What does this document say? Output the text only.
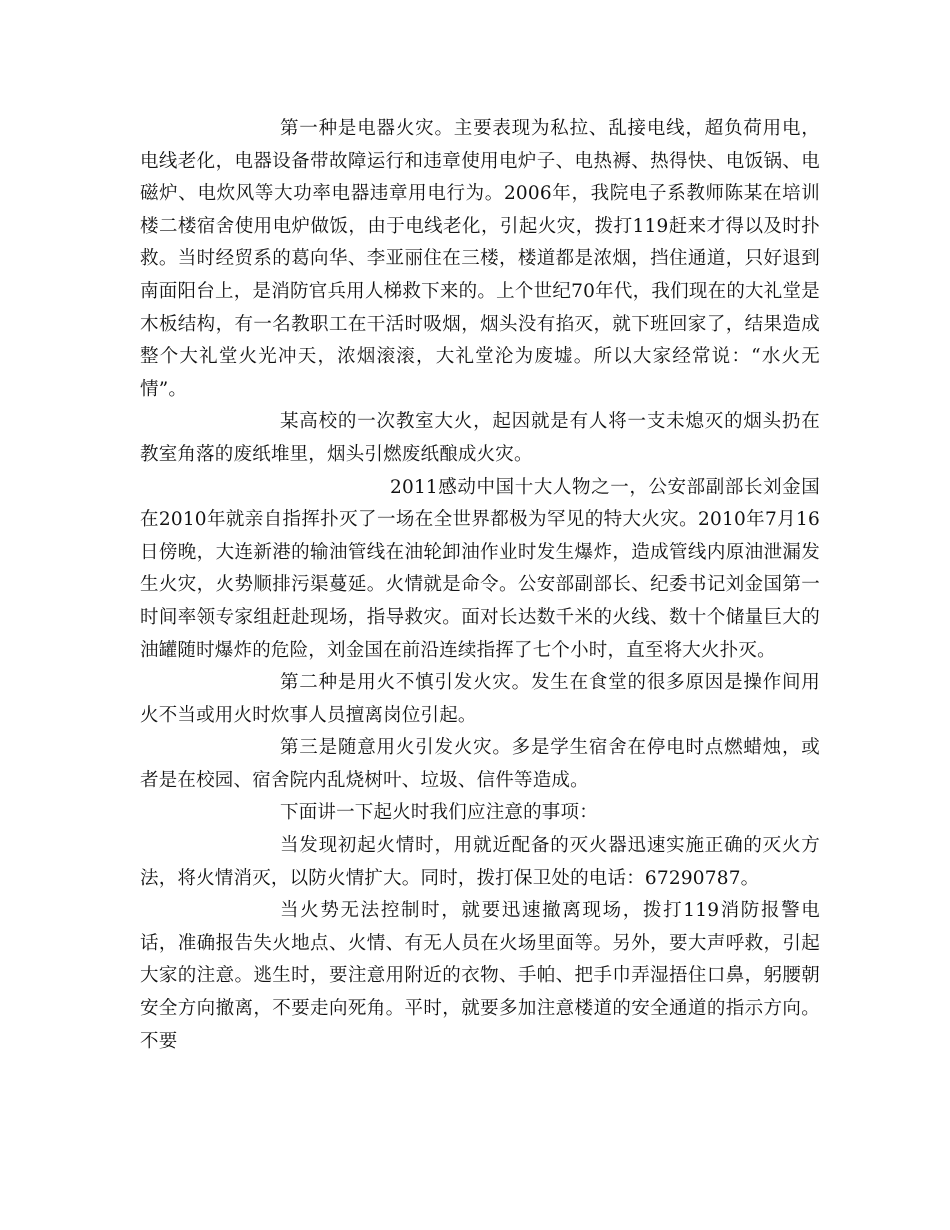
第一种是电器火灾。主要表现为私拉、乱接电线，超负荷用电，电线老化，电器设备带故障运行和违章使用电炉子、电热褥、热得快、电饭锅、电磁炉、电炊风等大功率电器违章用电行为。2006年，我院电子系教师陈某在培训楼二楼宿舍使用电炉做饭，由于电线老化，引起火灾，拨打119赶来才得以及时扑救。当时经贸系的葛向华、李亚丽住在三楼，楼道都是浓烟，挡住通道，只好退到南面阳台上，是消防官兵用人梯救下来的。上个世纪70年代，我们现在的大礼堂是木板结构，有一名教职工在干活时吸烟，烟头没有掐灭，就下班回家了，结果造成整个大礼堂火光冲天，浓烟滚滚，大礼堂沦为废墟。所以大家经常说：“水火无情”。

某高校的一次教室大火，起因就是有人将一支未熄灭的烟头扔在教室角落的废纸堆里，烟头引燃废纸酿成火灾。

2011感动中国十大人物之一，公安部副部长刘金国在2010年就亲自指挥扑灭了一场在全世界都极为罕见的特大火灾。2010年7月16日傍晚，大连新港的输油管线在油轮卸油作业时发生爆炸，造成管线内原油泄漏发生火灾，火势顺排污渠蔓延。火情就是命令。公安部副部长、纪委书记刘金国第一时间率领专家组赶赴现场，指导救灾。面对长达数千米的火线、数十个储量巨大的油罐随时爆炸的危险，刘金国在前沿连续指挥了七个小时，直至将大火扑灭。

第二种是用火不慎引发火灾。发生在食堂的很多原因是操作间用火不当或用火时炊事人员擅离岗位引起。

第三是随意用火引发火灾。多是学生宿舍在停电时点燃蜡烛，或者是在校园、宿舍院内乱烧树叶、垃圾、信件等造成。

下面讲一下起火时我们应注意的事项：

当发现初起火情时，用就近配备的灭火器迅速实施正确的灭火方法，将火情消灭，以防火情扩大。同时，拨打保卫处的电话：67290787。

当火势无法控制时，就要迅速撤离现场，拨打119消防报警电话，准确报告失火地点、火情、有无人员在火场里面等。另外，要大声呼救，引起大家的注意。逃生时，要注意用附近的衣物、手帕、把手巾弄湿捂住口鼻，躬腰朝安全方向撤离，不要走向死角。平时，就要多加注意楼道的安全通道的指示方向。不要
